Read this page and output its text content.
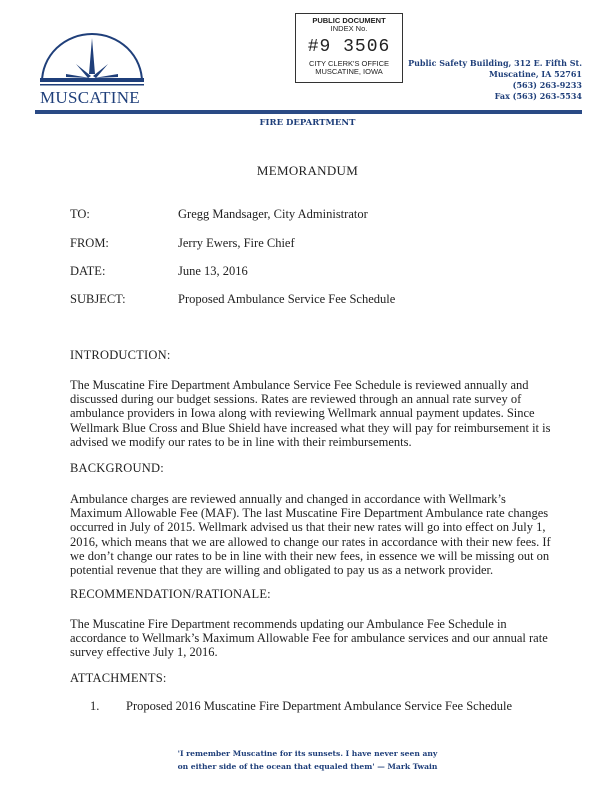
MUSCATINE
PUBLIC DOCUMENT
INDEX No.
#9 3506
CITY CLERK'S OFFICE
MUSCATINE, IOWA
Public Safety Building, 312 E. Fifth St.
Muscatine, IA 52761
(563) 263-9233
Fax (563) 263-5534
FIRE DEPARTMENT
MEMORANDUM
TO:	Gregg Mandsager, City Administrator
FROM:	Jerry Ewers, Fire Chief
DATE:	June 13, 2016
SUBJECT:	Proposed Ambulance Service Fee Schedule
INTRODUCTION:
The Muscatine Fire Department Ambulance Service Fee Schedule is reviewed annually and
discussed during our budget sessions. Rates are reviewed through an annual rate survey of
ambulance providers in Iowa along with reviewing Wellmark annual payment updates. Since
Wellmark Blue Cross and Blue Shield have increased what they will pay for reimbursement it is
advised we modify our rates to be in line with their reimbursements.
BACKGROUND:
Ambulance charges are reviewed annually and changed in accordance with Wellmark’s
Maximum Allowable Fee (MAF). The last Muscatine Fire Department Ambulance rate changes
occurred in July of 2015. Wellmark advised us that their new rates will go into effect on July 1,
2016, which means that we are allowed to change our rates in accordance with their new fees. If
we don’t change our rates to be in line with their new fees, in essence we will be missing out on
potential revenue that they are willing and obligated to pay us as a network provider.
RECOMMENDATION/RATIONALE:
The Muscatine Fire Department recommends updating our Ambulance Fee Schedule in
accordance to Wellmark’s Maximum Allowable Fee for ambulance services and our annual rate
survey effective July 1, 2016.
ATTACHMENTS:
1. Proposed 2016 Muscatine Fire Department Ambulance Service Fee Schedule
'I remember Muscatine for its sunsets. I have never seen any
on either side of the ocean that equaled them' — Mark Twain
